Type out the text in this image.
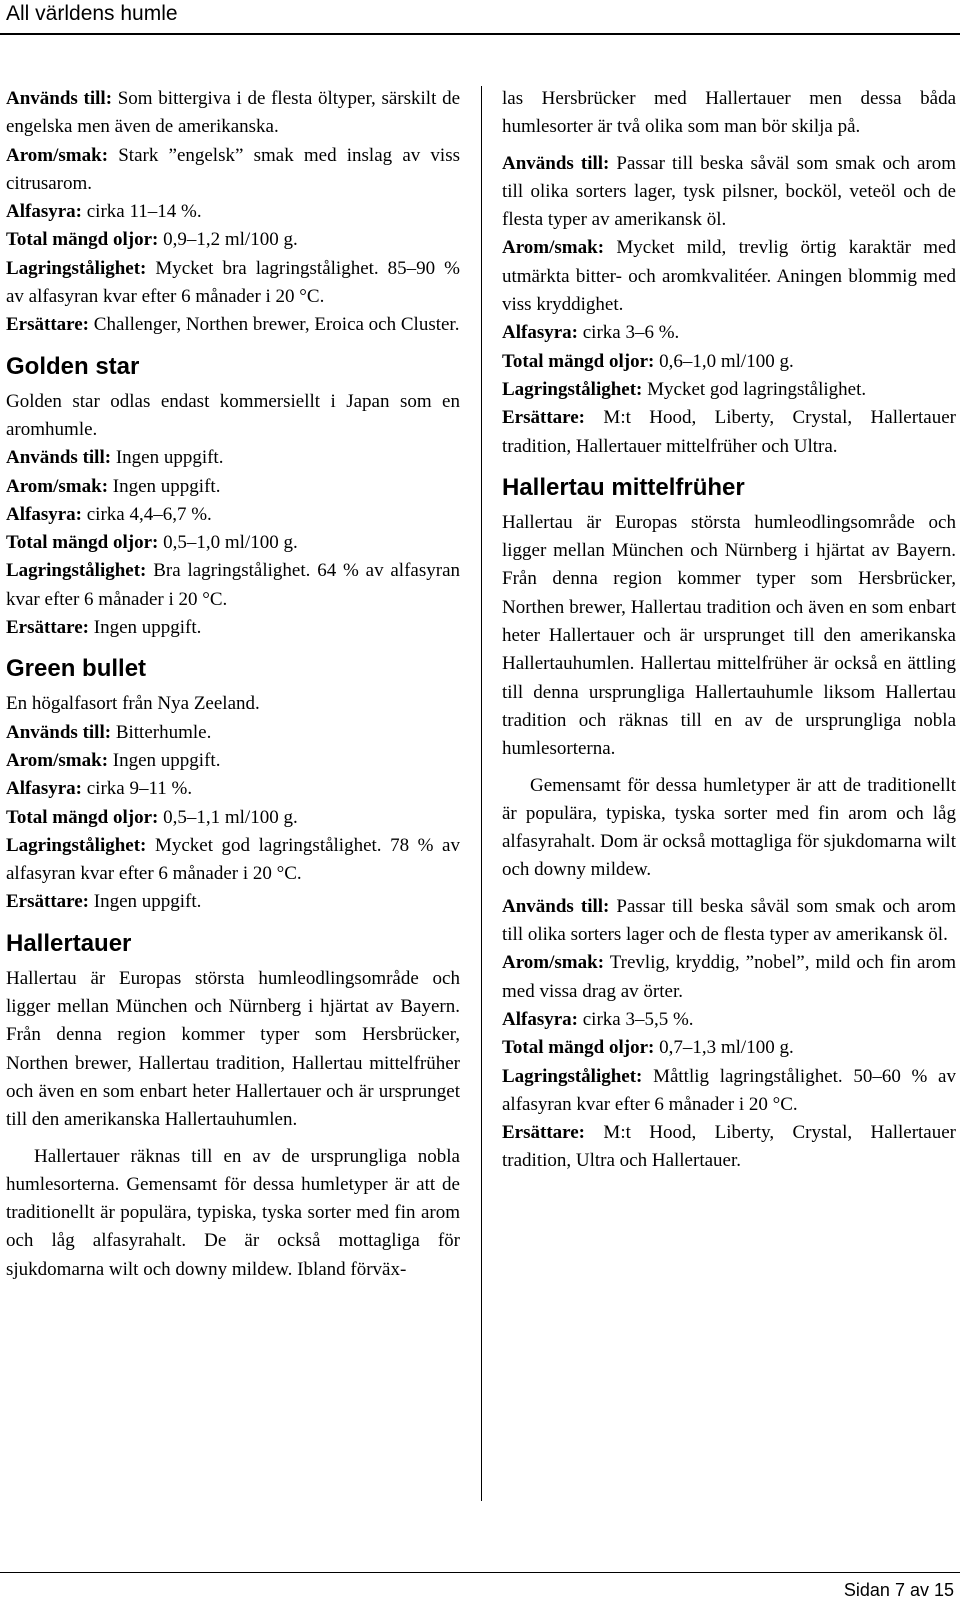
All världens humle

Används till: Som bittergiva i de flesta öltyper, särskilt de engelska men även de amerikanska.

Arom/smak: Stark ”engelsk” smak med inslag av viss citrusarom.

Alfasyra: cirka 11–14 %.

Total mängd oljor: 0,9–1,2 ml/100 g.

Lagringstålighet: Mycket bra lagringstålighet. 85–90 % av alfasyran kvar efter 6 månader i 20 °C.

Ersättare: Challenger, Northen brewer, Eroica och Cluster.

Golden star

Golden star odlas endast kommersiellt i Japan som en aromhumle.

Används till: Ingen uppgift.

Arom/smak: Ingen uppgift.

Alfasyra: cirka 4,4–6,7 %.

Total mängd oljor: 0,5–1,0 ml/100 g.

Lagringstålighet: Bra lagringstålighet. 64 % av alfasyran kvar efter 6 månader i 20 °C.

Ersättare: Ingen uppgift.

Green bullet

En högalfasort från Nya Zeeland.

Används till: Bitterhumle.

Arom/smak: Ingen uppgift.

Alfasyra: cirka 9–11 %.

Total mängd oljor: 0,5–1,1 ml/100 g.

Lagringstålighet: Mycket god lagringstålighet. 78 % av alfasyran kvar efter 6 månader i 20 °C.

Ersättare: Ingen uppgift.

Hallertauer

Hallertau är Europas största humleodlingsområde och ligger mellan München och Nürnberg i hjärtat av Bayern. Från denna region kommer typer som Hersbrücker, Northen brewer, Hallertau tradition, Hallertau mittelfrüher och även en som enbart heter Hallertauer och är ursprunget till den amerikanska Hallertauhumlen.

Hallertauer räknas till en av de ursprungliga nobla humlesorterna. Gemensamt för dessa humletyper är att de traditionellt är populära, typiska, tyska sorter med fin arom och låg alfasyrahalt. De är också mottagliga för sjukdomarna wilt och downy mildew. Ibland förväx-

las Hersbrücker med Hallertauer men dessa båda humlesorter är två olika som man bör skilja på.

Används till: Passar till beska såväl som smak och arom till olika sorters lager, tysk pilsner, bocköl, veteöl och de flesta typer av amerikansk öl.

Arom/smak: Mycket mild, trevlig örtig karaktär med utmärkta bitter- och aromkvalitéer. Aningen blommig med viss kryddighet.

Alfasyra: cirka 3–6 %.

Total mängd oljor: 0,6–1,0 ml/100 g.

Lagringstålighet: Mycket god lagringstålighet.

Ersättare: M:t Hood, Liberty, Crystal, Hallertauer tradition, Hallertauer mittelfrüher och Ultra.

Hallertau mittelfrüher

Hallertau är Europas största humleodlingsområde och ligger mellan München och Nürnberg i hjärtat av Bayern. Från denna region kommer typer som Hersbrücker, Northen brewer, Hallertau tradition och även en som enbart heter Hallertauer och är ursprunget till den amerikanska Hallertauhumlen. Hallertau mittelfrüher är också en ättling till denna ursprungliga Hallertauhumle liksom Hallertau tradition och räknas till en av de ursprungliga nobla humlesorterna.

Gemensamt för dessa humletyper är att de traditionellt är populära, typiska, tyska sorter med fin arom och låg alfasyrahalt. Dom är också mottagliga för sjukdomarna wilt och downy mildew.

Används till: Passar till beska såväl som smak och arom till olika sorters lager och de flesta typer av amerikansk öl.

Arom/smak: Trevlig, kryddig, ”nobel”, mild och fin arom med vissa drag av örter.

Alfasyra: cirka 3–5,5 %.

Total mängd oljor: 0,7–1,3 ml/100 g.

Lagringstålighet: Måttlig lagringstålighet. 50–60 % av alfasyran kvar efter 6 månader i 20 °C.

Ersättare: M:t Hood, Liberty, Crystal, Hallertauer tradition, Ultra och Hallertauer.

Sidan 7 av 15
